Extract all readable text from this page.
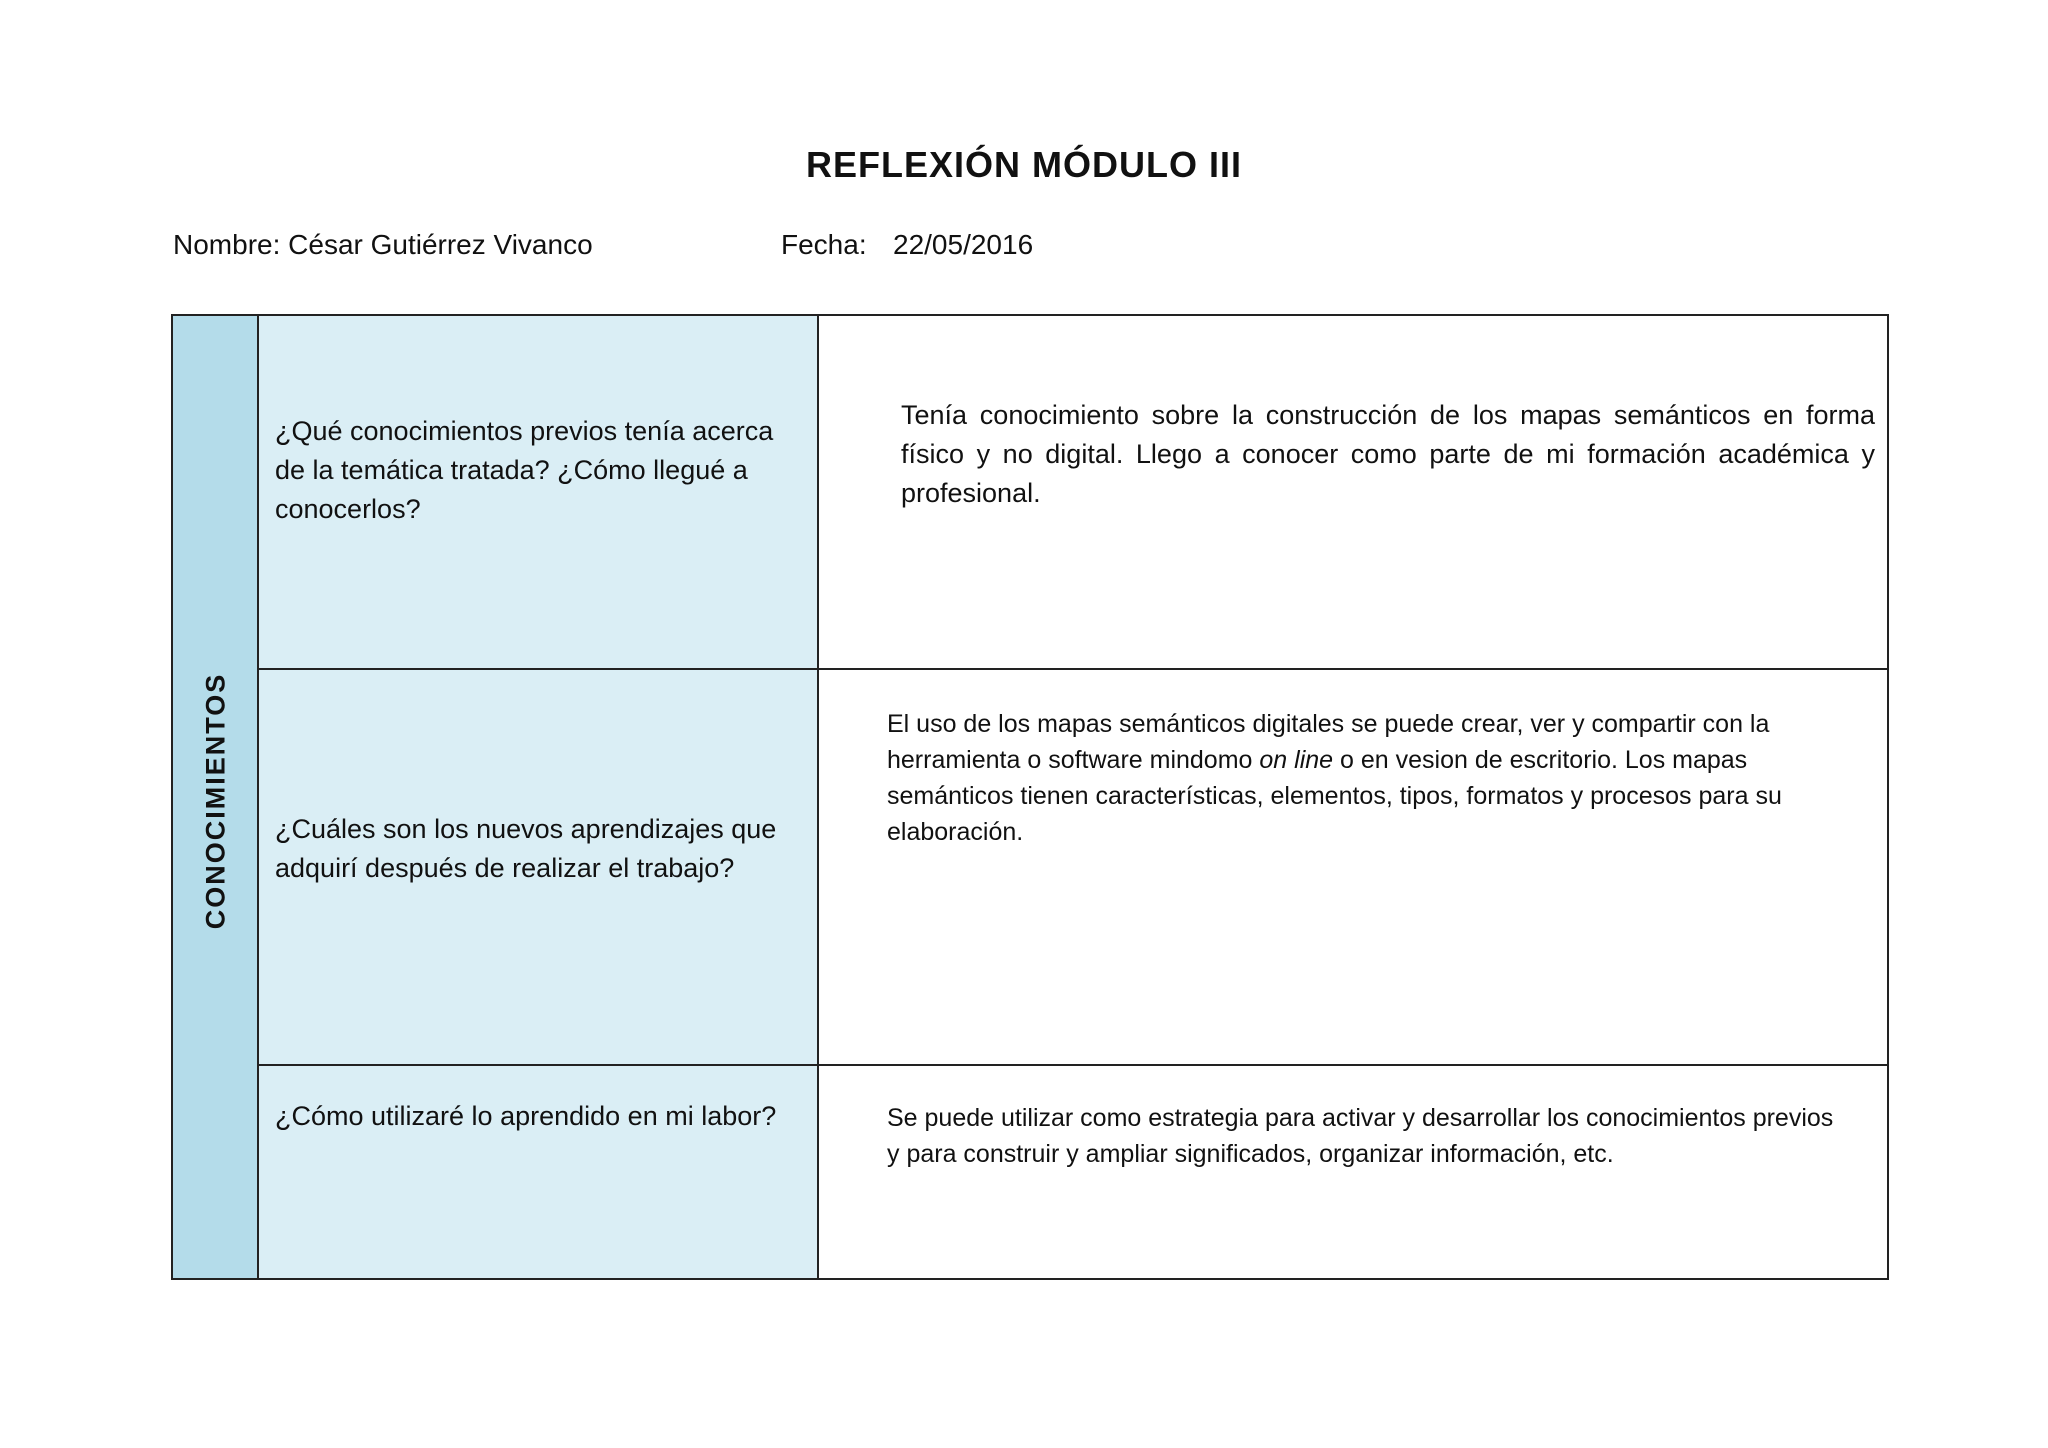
REFLEXIÓN MÓDULO III
Nombre: César Gutiérrez Vivanco	Fecha: 22/05/2016
CONOCIMIENTOS
¿Qué conocimientos previos tenía acerca de la temática tratada? ¿Cómo llegué a conocerlos?
Tenía conocimiento sobre la construcción de los mapas semánticos en forma físico y no digital. Llego a conocer como parte de mi formación académica y profesional.
¿Cuáles son los nuevos aprendizajes que adquirí después de realizar el trabajo?
El uso de los mapas semánticos digitales se puede crear, ver y compartir con la herramienta o software mindomo on line o en vesion de escritorio. Los mapas semánticos tienen características, elementos, tipos, formatos y procesos para su elaboración.
¿Cómo utilizaré lo aprendido en mi labor?	Se puede utilizar como estrategia para activar y desarrollar los conocimientos previos y para construir y ampliar significados, organizar información, etc.
